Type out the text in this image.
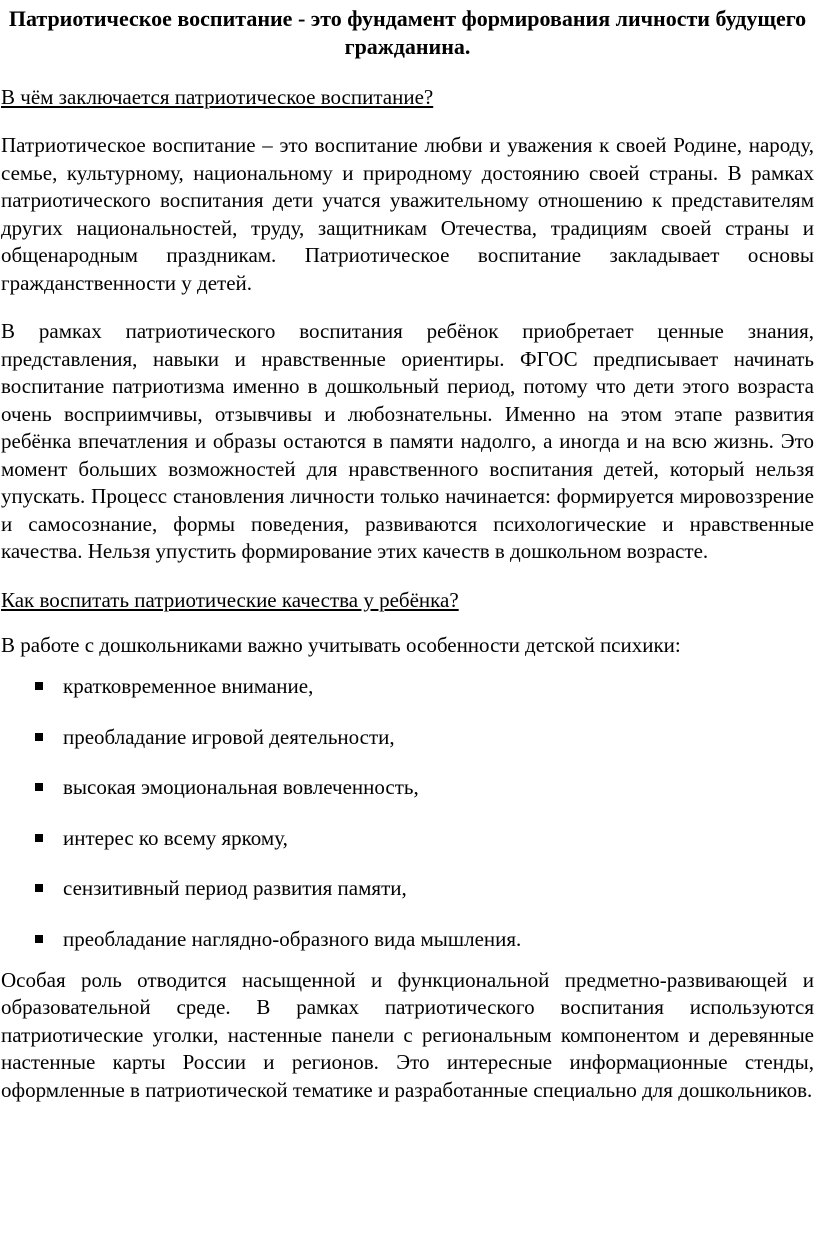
Патриотическое воспитание - это фундамент формирования личности будущего гражданина.
В чём заключается патриотическое воспитание?

Патриотическое воспитание – это воспитание любви и уважения к своей Родине, народу, семье, культурному, национальному и природному достоянию своей страны. В рамках патриотического воспитания дети учатся уважительному отношению к представителям других национальностей, труду, защитникам Отечества, традициям своей страны и общенародным праздникам. Патриотическое воспитание закладывает основы гражданственности у детей.

В рамках патриотического воспитания ребёнок приобретает ценные знания, представления, навыки и нравственные ориентиры. ФГОС предписывает начинать воспитание патриотизма именно в дошкольный период, потому что дети этого возраста очень восприимчивы, отзывчивы и любознательны. Именно на этом этапе развития ребёнка впечатления и образы остаются в памяти надолго, а иногда и на всю жизнь. Это момент больших возможностей для нравственного воспитания детей, который нельзя упускать. Процесс становления личности только начинается: формируется мировоззрение и самосознание, формы поведения, развиваются психологические и нравственные качества. Нельзя упустить формирование этих качеств в дошкольном возрасте.

Как воспитать патриотические качества у ребёнка?

В работе с дошкольниками важно учитывать особенности детской психики:

кратковременное внимание,
преобладание игровой деятельности,
высокая эмоциональная вовлеченность,
интерес ко всему яркому,
сензитивный период развития памяти,
преобладание наглядно-образного вида мышления.

Особая роль отводится насыщенной и функциональной предметно-развивающей и образовательной среде. В рамках патриотического воспитания используются патриотические уголки, настенные панели с региональным компонентом и деревянные настенные карты России и регионов. Это интересные информационные стенды, оформленные в патриотической тематике и разработанные специально для дошкольников.
